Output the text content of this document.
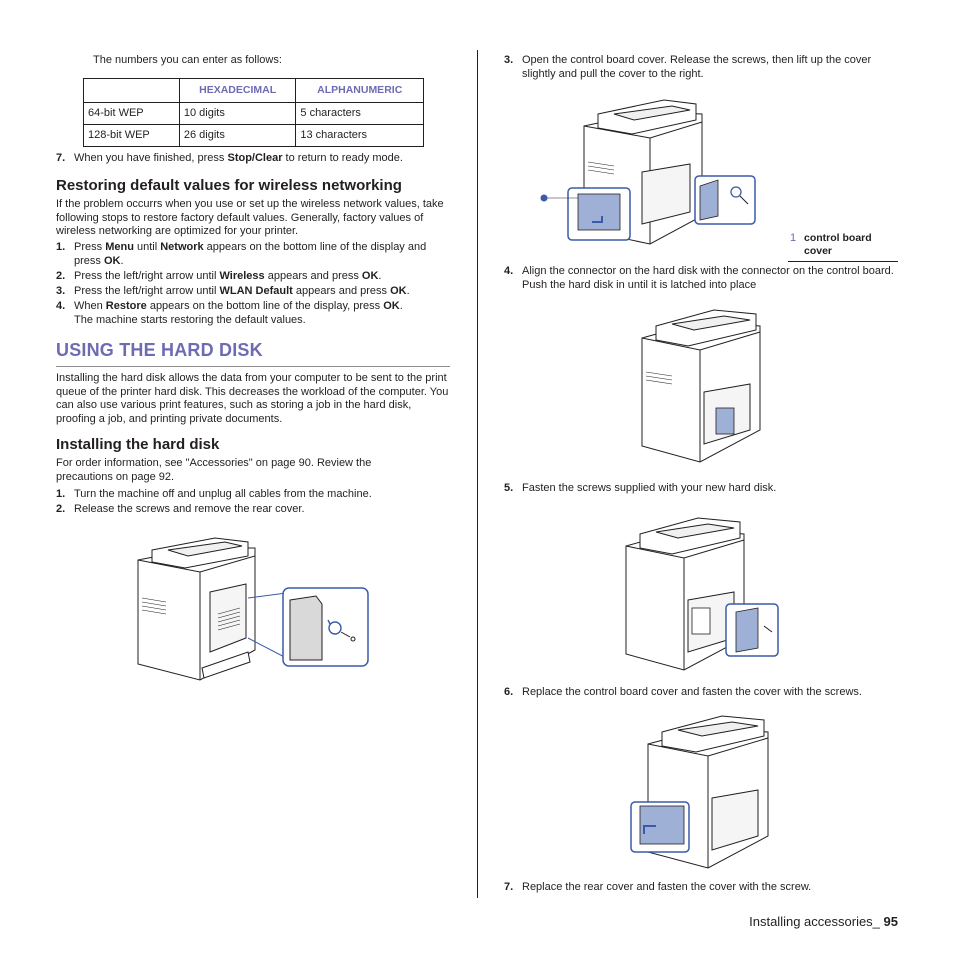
The numbers you can enter as follows:

	HEXADECIMAL	ALPHANUMERIC
64-bit WEP	10 digits	5 characters
128-bit WEP	26 digits	13 characters
7. When you have finished, press Stop/Clear to return to ready mode.
Restoring default values for wireless networking

If the problem occurrs when you use or set up the wireless network values, take following stops to restore factory default values. Generally, factory values of wireless networking are optimized for your printer.

1. Press Menu until Network appears on the bottom line of the display and press OK.
2. Press the left/right arrow until Wireless appears and press OK.
3. Press the left/right arrow until WLAN Default appears and press OK.
4. When Restore appears on the bottom line of the display, press OK.
The machine starts restoring the default values.
USING THE HARD DISK

Installing the hard disk allows the data from your computer to be sent to the print queue of the printer hard disk. This decreases the workload of the computer. You can also use various print features, such as storing a job in the hard disk, proofing a job, and printing private documents.

Installing the hard disk

For order information, see "Accessories" on page 90. Review the precautions on page 92.

1. Turn the machine off and unplug all cables from the machine.
2. Release the screws and remove the rear cover.
3. Open the control board cover. Release the screws, then lift up the cover slightly and pull the cover to the right.
1 control board cover
4. Align the connector on the hard disk with the connector on the control board. Push the hard disk in until it is latched into place
5. Fasten the screws supplied with your new hard disk.
6. Replace the control board cover and fasten the cover with the screws.
7. Replace the rear cover and fasten the cover with the screw.
Installing accessories_ 95
